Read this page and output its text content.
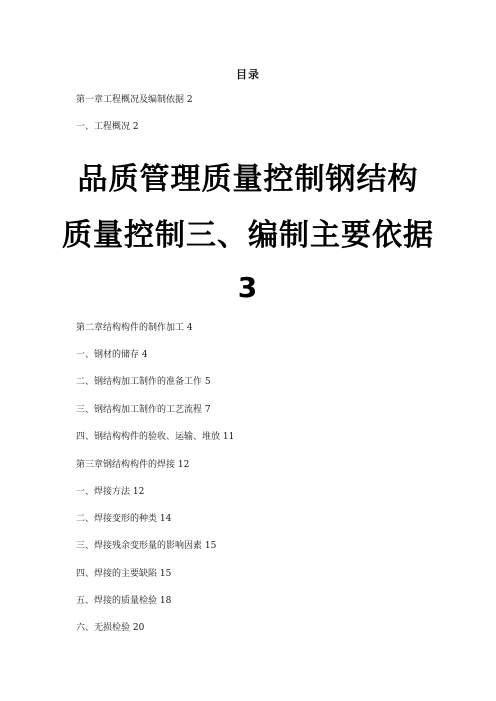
目录
第一章工程概况及编制依据 2
一、工程概况 2
品质管理质量控制钢结构
质量控制三、编制主要依据
3
第二章结构构件的制作加工 4
一、钢材的储存 4
二、钢结构加工制作的准备工作 5
三、钢结构加工制作的工艺流程 7
四、钢结构构件的验收、运输、堆放 11
第三章钢结构构件的焊接 12
一、焊接方法 12
二、焊接变形的种类 14
三、焊接残余变形量的影响因素 15
四、焊接的主要缺陷 15
五、焊接的质量检验 18
六、无损检验 20
